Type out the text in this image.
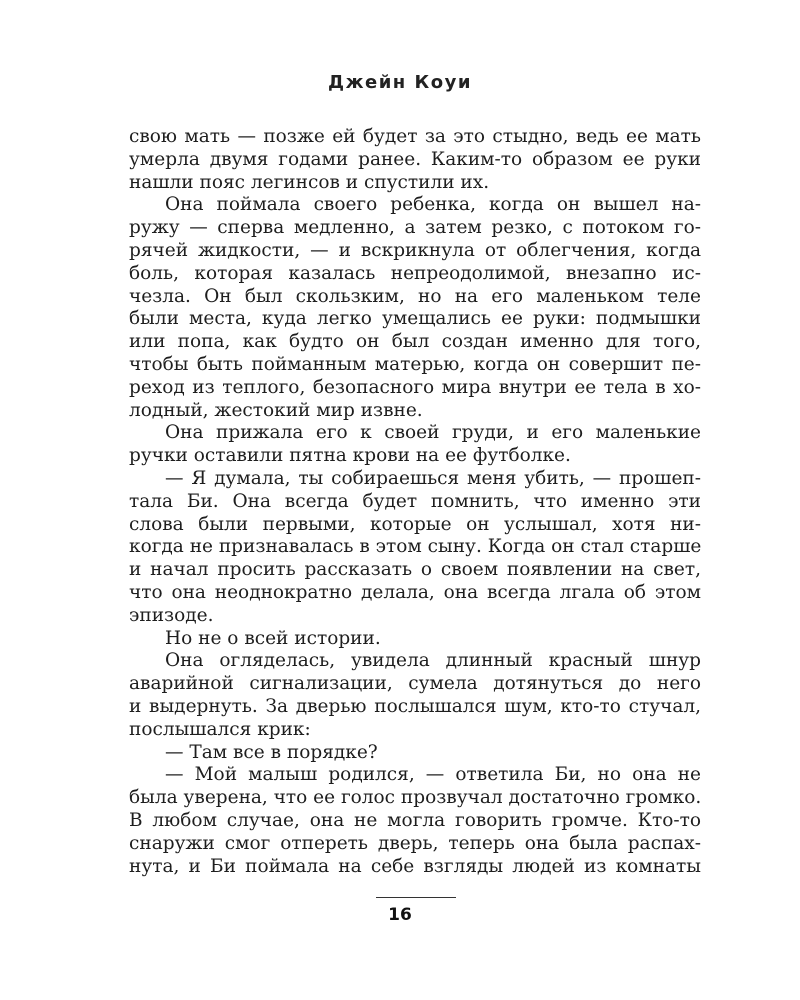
Джейн Коуи
свою мать — позже ей будет за это стыдно, ведь ее мать
умерла двумя годами ранее. Каким-то образом ее руки
нашли пояс легинсов и спустили их.
Она поймала своего ребенка, когда он вышел на-
ружу — сперва медленно, а затем резко, с потоком го-
рячей жидкости, — и вскрикнула от облегчения, когда
боль, которая казалась непреодолимой, внезапно ис-
чезла. Он был скользким, но на его маленьком теле
были места, куда легко умещались ее руки: подмышки
или попа, как будто он был создан именно для того,
чтобы быть пойманным матерью, когда он совершит пе-
реход из теплого, безопасного мира внутри ее тела в хо-
лодный, жестокий мир извне.
Она прижала его к своей груди, и его маленькие
ручки оставили пятна крови на ее футболке.
— Я думала, ты собираешься меня убить, — прошеп-
тала Би. Она всегда будет помнить, что именно эти
слова были первыми, которые он услышал, хотя ни-
когда не признавалась в этом сыну. Когда он стал старше
и начал просить рассказать о своем появлении на свет,
что она неоднократно делала, она всегда лгала об этом
эпизоде.
Но не о всей истории.
Она огляделась, увидела длинный красный шнур
аварийной сигнализации, сумела дотянуться до него
и выдернуть. За дверью послышался шум, кто-то стучал,
послышался крик:
— Там все в порядке?
— Мой малыш родился, — ответила Би, но она не
была уверена, что ее голос прозвучал достаточно громко.
В любом случае, она не могла говорить громче. Кто-то
снаружи смог отпереть дверь, теперь она была распах-
нута, и Би поймала на себе взгляды людей из комнаты
16
